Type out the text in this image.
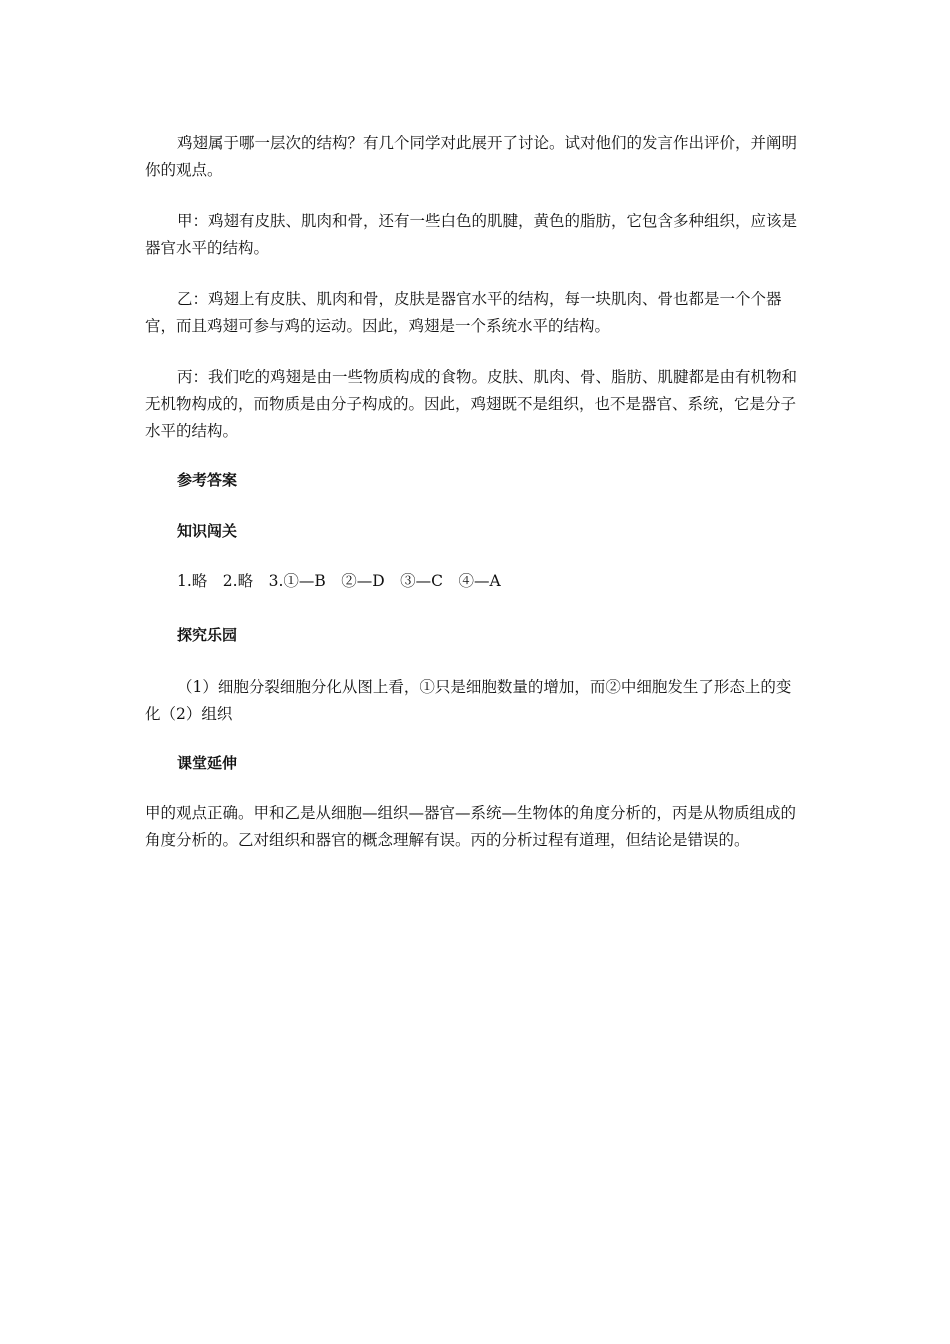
鸡翅属于哪一层次的结构？有几个同学对此展开了讨论。试对他们的发言作出评价，并阐明你的观点。

甲：鸡翅有皮肤、肌肉和骨，还有一些白色的肌腱，黄色的脂肪，它包含多种组织，应该是器官水平的结构。

乙：鸡翅上有皮肤、肌肉和骨，皮肤是器官水平的结构，每一块肌肉、骨也都是一个个器官，而且鸡翅可参与鸡的运动。因此，鸡翅是一个系统水平的结构。

丙：我们吃的鸡翅是由一些物质构成的食物。皮肤、肌肉、骨、脂肪、肌腱都是由有机物和无机物构成的，而物质是由分子构成的。因此，鸡翅既不是组织，也不是器官、系统，它是分子水平的结构。

参考答案
知识闯关

1.略　2.略　3.①—B　②—D　③—C　④—A

探究乐园

（1）细胞分裂细胞分化从图上看，①只是细胞数量的增加，而②中细胞发生了形态上的变化（2）组织

课堂延伸

甲的观点正确。甲和乙是从细胞—组织—器官—系统—生物体的角度分析的，丙是从物质组成的角度分析的。乙对组织和器官的概念理解有误。丙的分析过程有道理，但结论是错误的。
